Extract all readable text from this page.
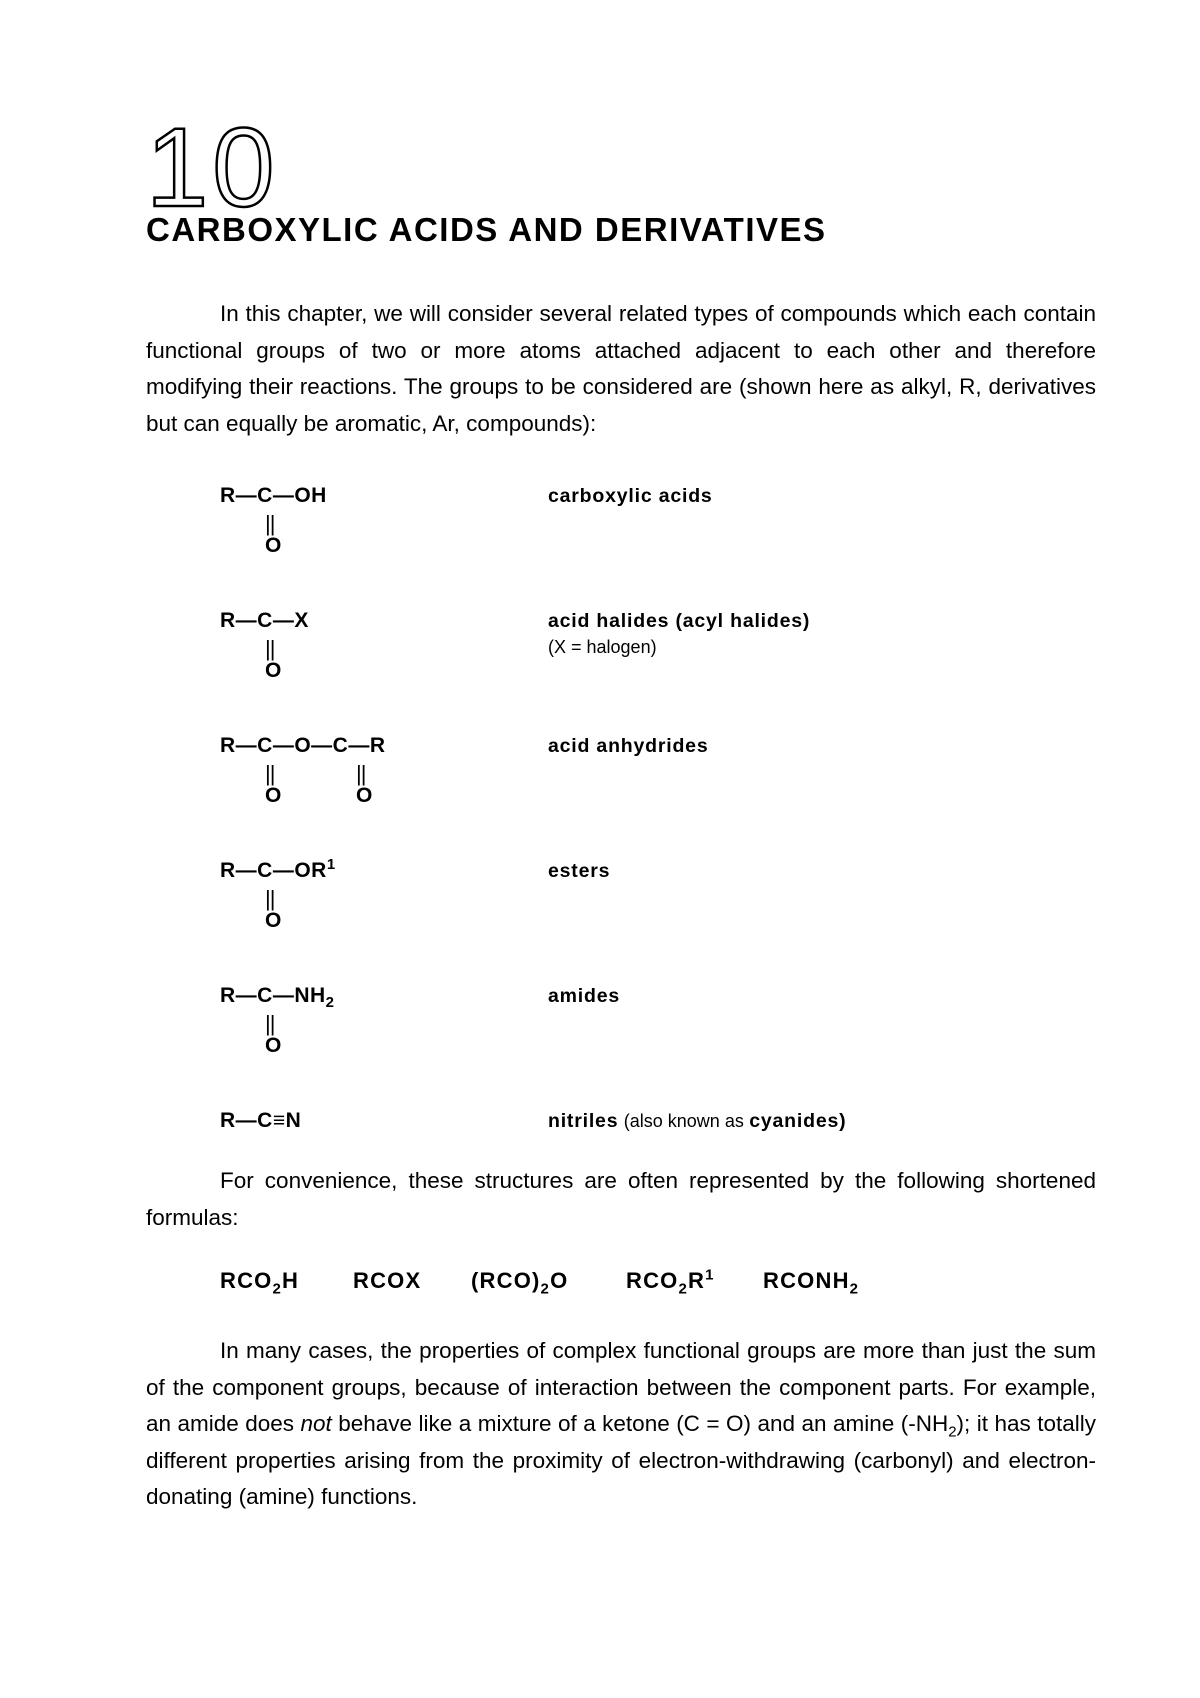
10
CARBOXYLIC ACIDS AND DERIVATIVES

In this chapter, we will consider several related types of compounds which each contain functional groups of two or more atoms attached adjacent to each other and therefore modifying their reactions. The groups to be considered are (shown here as alkyl, R, derivatives but can equally be aromatic, Ar, compounds):

R—C—OH
||
O
carboxylic acids
R—C—X
||
O
acid halides (acyl halides)
(X = halogen)
R—C—O—C—R
||	||
O	O
acid anhydrides
$R—C—OR^1$
||
O
esters
$R—C—NH_2$
||
O
amides
R—C≡N	nitriles (also known as cyanides)

For convenience, these structures are often represented by the following shortened formulas:

$RCO_2H$ RCOX $(RCO)_2O$	$RCO_2R^1$ $RCONH_2$

In many cases, the properties of complex functional groups are more than just the sum of the component groups, because of interaction between the component parts. For example, an amide does not behave like a mixture of a ketone (C = O) and an amine $(-NH_2)$; it has totally different properties arising from the proximity of electron-withdrawing (carbonyl) and electron-donating (amine) functions.
